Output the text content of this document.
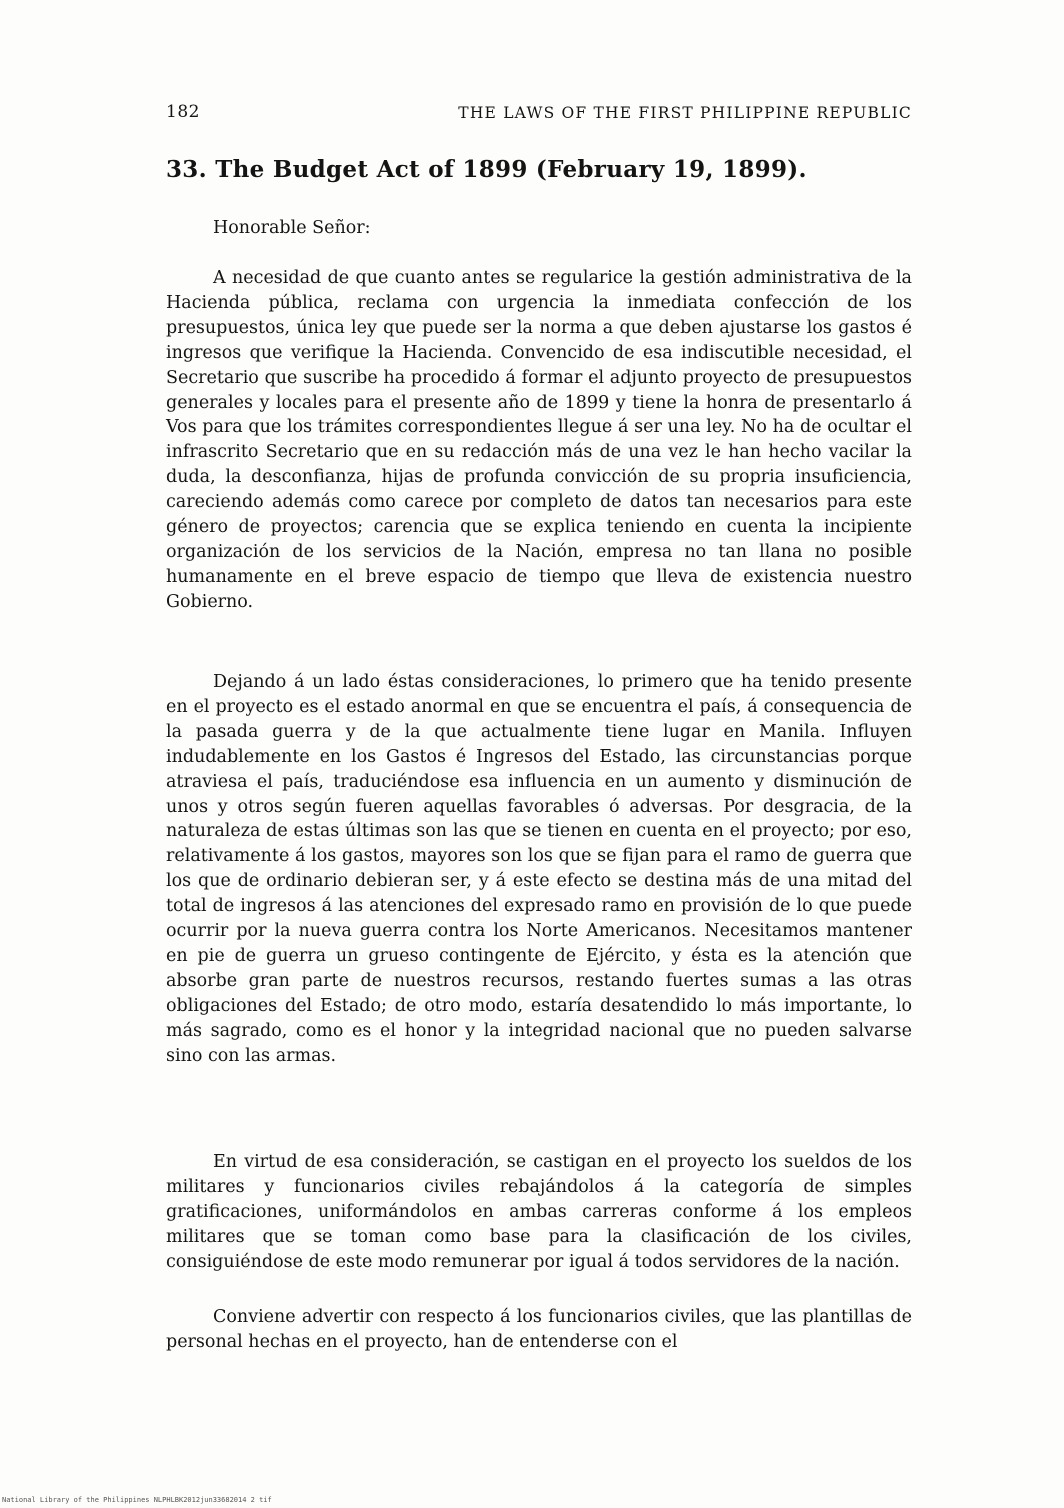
182	THE LAWS OF THE FIRST PHILIPPINE REPUBLIC
33. The Budget Act of 1899 (February 19, 1899).
Honorable Señor:

A necesidad de que cuanto antes se regularice la gestión administrativa de la Hacienda pública, reclama con urgencia la inmediata confección de los presupuestos, única ley que puede ser la norma a que deben ajustarse los gastos é ingresos que verifique la Hacienda. Convencido de esa indiscutible necesidad, el Secretario que suscribe ha procedido á formar el adjunto proyecto de presupuestos generales y locales para el presente año de 1899 y tiene la honra de presentarlo á Vos para que los trámites correspondientes llegue á ser una ley. No ha de ocultar el infrascrito Secretario que en su redacción más de una vez le han hecho vacilar la duda, la desconfianza, hijas de profunda convicción de su propria insuficiencia, careciendo además como carece por completo de datos tan necesarios para este género de proyectos; carencia que se explica teniendo en cuenta la incipiente organización de los servicios de la Nación, empresa no tan llana no posible humanamente en el breve espacio de tiempo que lleva de existencia nuestro Gobierno.

Dejando á un lado éstas consideraciones, lo primero que ha tenido presente en el proyecto es el estado anormal en que se encuentra el país, á consequencia de la pasada guerra y de la que actualmente tiene lugar en Manila. Influyen indudablemente en los Gastos é Ingresos del Estado, las circunstancias porque atraviesa el país, traduciéndose esa influencia en un aumento y disminución de unos y otros según fueren aquellas favorables ó adversas. Por desgracia, de la naturaleza de estas últimas son las que se tienen en cuenta en el proyecto; por eso, relativamente á los gastos, mayores son los que se fijan para el ramo de guerra que los que de ordinario debieran ser, y á este efecto se destina más de una mitad del total de ingresos á las atenciones del expresado ramo en provisión de lo que puede ocurrir por la nueva guerra contra los Norte Americanos. Necesitamos mantener en pie de guerra un grueso contingente de Ejército, y ésta es la atención que absorbe gran parte de nuestros recursos, restando fuertes sumas a las otras obligaciones del Estado; de otro modo, estaría desatendido lo más importante, lo más sagrado, como es el honor y la integridad nacional que no pueden salvarse sino con las armas.

En virtud de esa consideración, se castigan en el proyecto los sueldos de los militares y funcionarios civiles rebajándolos á la categoría de simples gratificaciones, uniformándolos en ambas carreras conforme á los empleos militares que se toman como base para la clasificación de los civiles, consiguiéndose de este modo remunerar por igual á todos servidores de la nación.

Conviene advertir con respecto á los funcionarios civiles, que las plantillas de personal hechas en el proyecto, han de entenderse con el

National Library of the Philippines NLPHLBK2012jun33682014 2 tif
